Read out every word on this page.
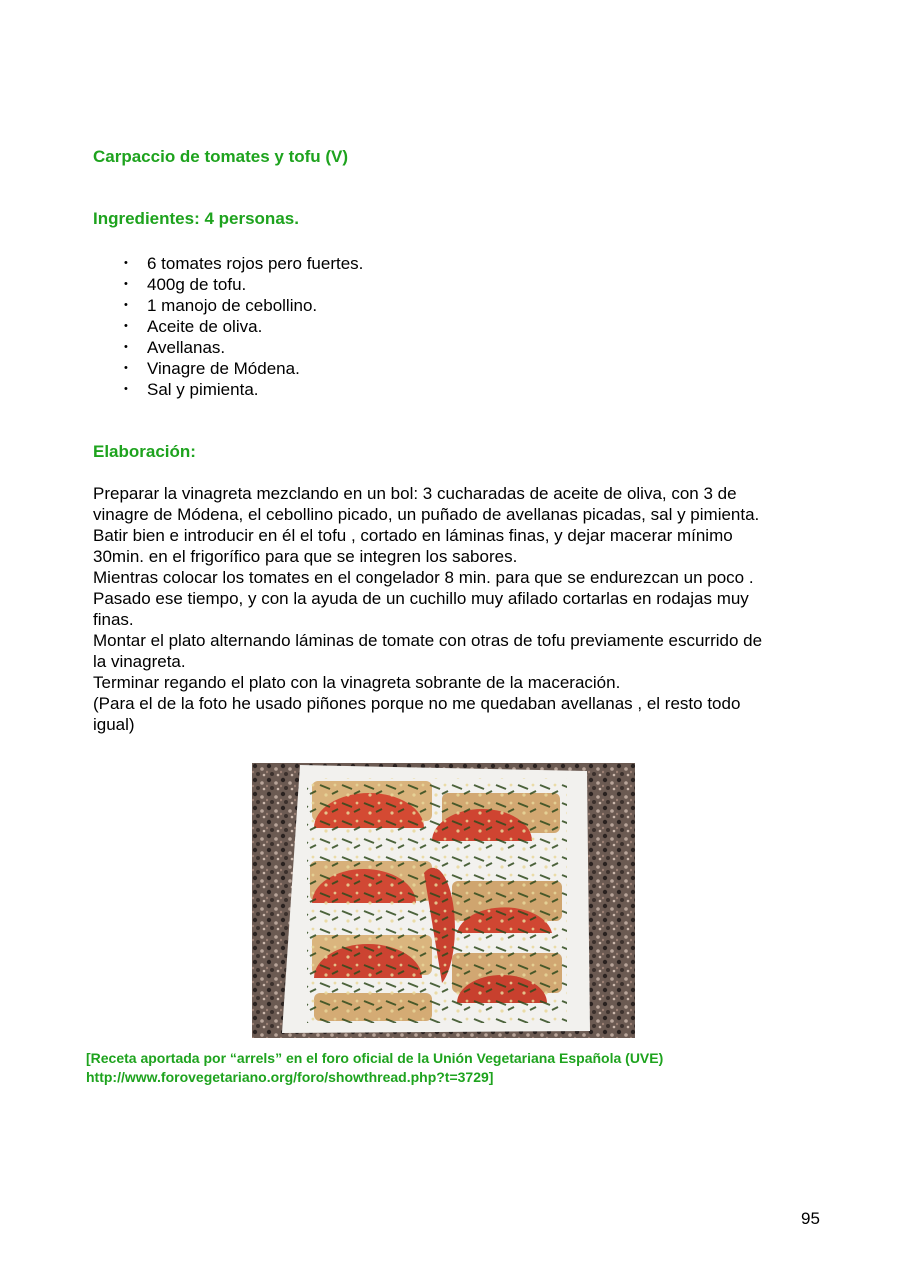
Carpaccio de tomates y tofu (V)
Ingredientes: 4 personas.
• 6 tomates rojos pero fuertes.
• 400g de tofu.
• 1 manojo de cebollino.
• Aceite de oliva.
• Avellanas.
• Vinagre de Módena.
• Sal y pimienta.
Elaboración:
Preparar la vinagreta mezclando en un bol: 3 cucharadas de aceite de oliva, con 3 de
vinagre de Módena, el cebollino picado, un puñado de avellanas picadas, sal y pimienta.
Batir bien e introducir en él el tofu , cortado en láminas finas, y dejar macerar mínimo
30min. en el frigorífico para que se integren los sabores.
Mientras colocar los tomates en el congelador 8 min. para que se endurezcan un poco .
Pasado ese tiempo, y con la ayuda de un cuchillo muy afilado cortarlas en rodajas muy
finas.
Montar el plato alternando láminas de tomate con otras de tofu previamente escurrido de
la vinagreta.
Terminar regando el plato con la vinagreta sobrante de la maceración.
(Para el de la foto he usado piñones porque no me quedaban avellanas , el resto todo
igual)
[Receta aportada por “arrels” en el foro oficial de la Unión Vegetariana Española (UVE)
http://www.forovegetariano.org/foro/showthread.php?t=3729]
95
